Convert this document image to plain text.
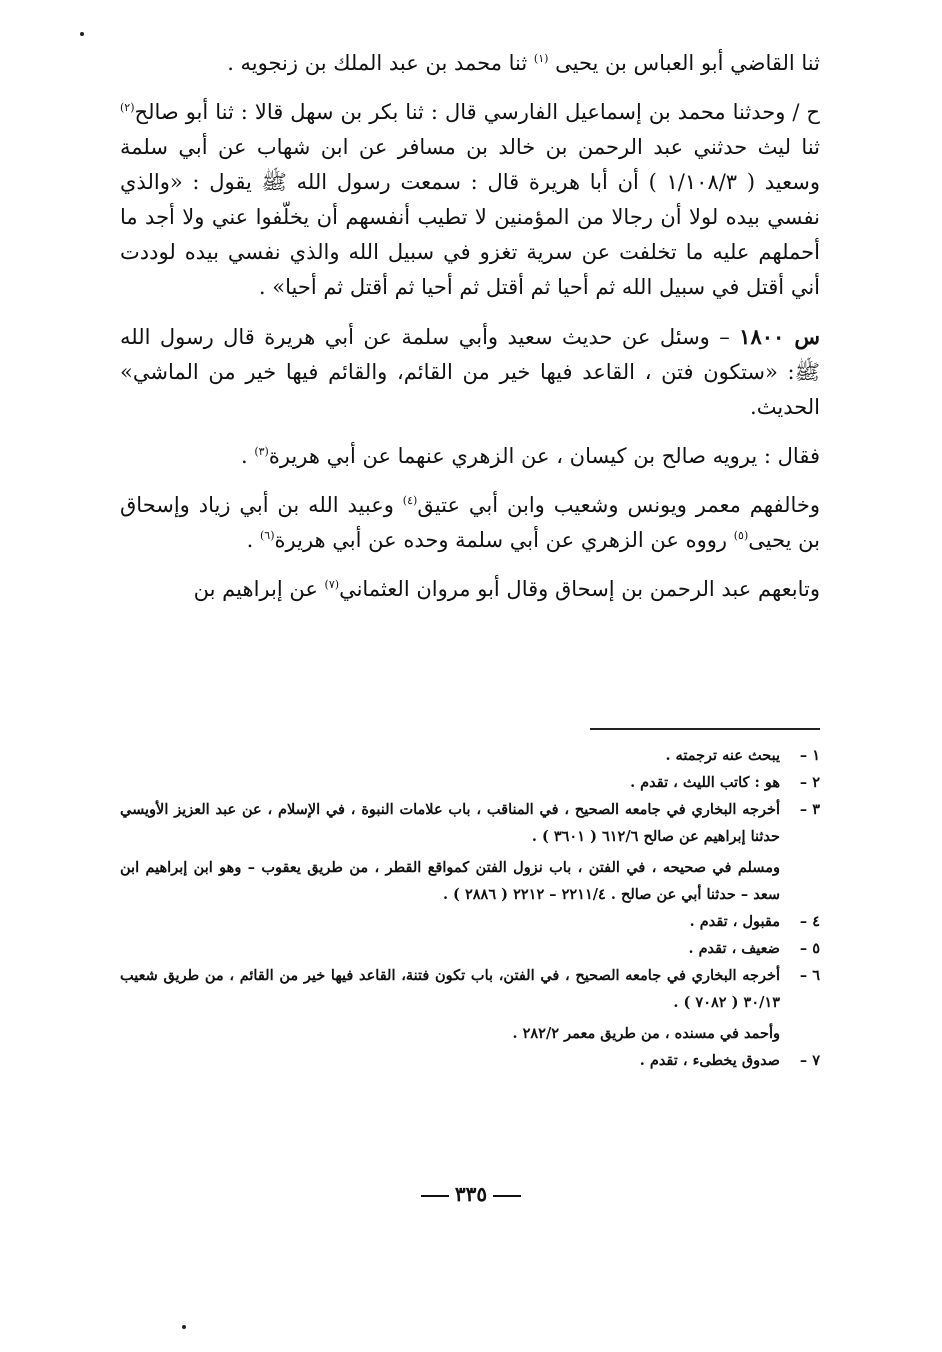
ثنا القاضي أبو العباس بن يحيى $^{(١)}$ ثنا محمد بن عبد الملك بن زنجويه .

ح / وحدثنا محمد بن إسماعيل الفارسي قال : ثنا بكر بن سهل قالا : ثنا أبو صالح$^{(٢)}$ ثنا ليث حدثني عبد الرحمن بن خالد بن مسافر عن ابن شهاب عن أبي سلمة وسعيد ( ١/١٠٨/٣ ) أن أبا هريرة قال : سمعت رسول الله ﷺ يقول : «والذي نفسي بيده لولا أن رجالا من المؤمنين لا تطيب أنفسهم أن يخلّفوا عني ولا أجد ما أحملهم عليه ما تخلفت عن سرية تغزو في سبيل الله والذي نفسي بيده لوددت أني أقتل في سبيل الله ثم أحيا ثم أقتل ثم أحيا ثم أقتل ثم أحيا» .

س ١٨٠٠ – وسئل عن حديث سعيد وأبي سلمة عن أبي هريرة قال رسول الله ﷺ: «ستكون فتن ، القاعد فيها خير من القائم، والقائم فيها خير من الماشي» الحديث.

فقال : يرويه صالح بن كيسان ، عن الزهري عنهما عن أبي هريرة$^{(٣)}$ .

وخالفهم معمر ويونس وشعيب وابن أبي عتيق$^{(٤)}$ وعبيد الله بن أبي زياد وإسحاق بن يحيى$^{(٥)}$ رووه عن الزهري عن أبي سلمة وحده عن أبي هريرة$^{(٦)}$ .

وتابعهم عبد الرحمن بن إسحاق وقال أبو مروان العثماني$^{(٧)}$ عن إبراهيم بن

١ –
يبحث عنه ترجمته .
٢ –
هو : كاتب الليث ، تقدم .
٣ –
أخرجه البخاري في جامعه الصحيح ، في المناقب ، باب علامات النبوة ، في الإسلام ، عن عبد العزيز الأويسي حدثنا إبراهيم عن صالح ٦١٢/٦ ( ٣٦٠١ ) .
ومسلم في صحيحه ، في الفتن ، باب نزول الفتن كمواقع القطر ، من طريق يعقوب – وهو ابن إبراهيم ابن سعد – حدثنا أبي عن صالح . ٢٢١١/٤ – ٢٢١٢ ( ٢٨٨٦ ) .
٤ –
مقبول ، تقدم .
٥ –
ضعيف ، تقدم .
٦ –
أخرجه البخاري في جامعه الصحيح ، في الفتن، باب تكون فتنة، القاعد فيها خير من القائم ، من طريق شعيب ٣٠/١٣ ( ٧٠٨٢ ) .
وأحمد في مسنده ، من طريق معمر ٢٨٢/٢ .
٧ –
صدوق يخطىء ، تقدم .
٣٣٥
